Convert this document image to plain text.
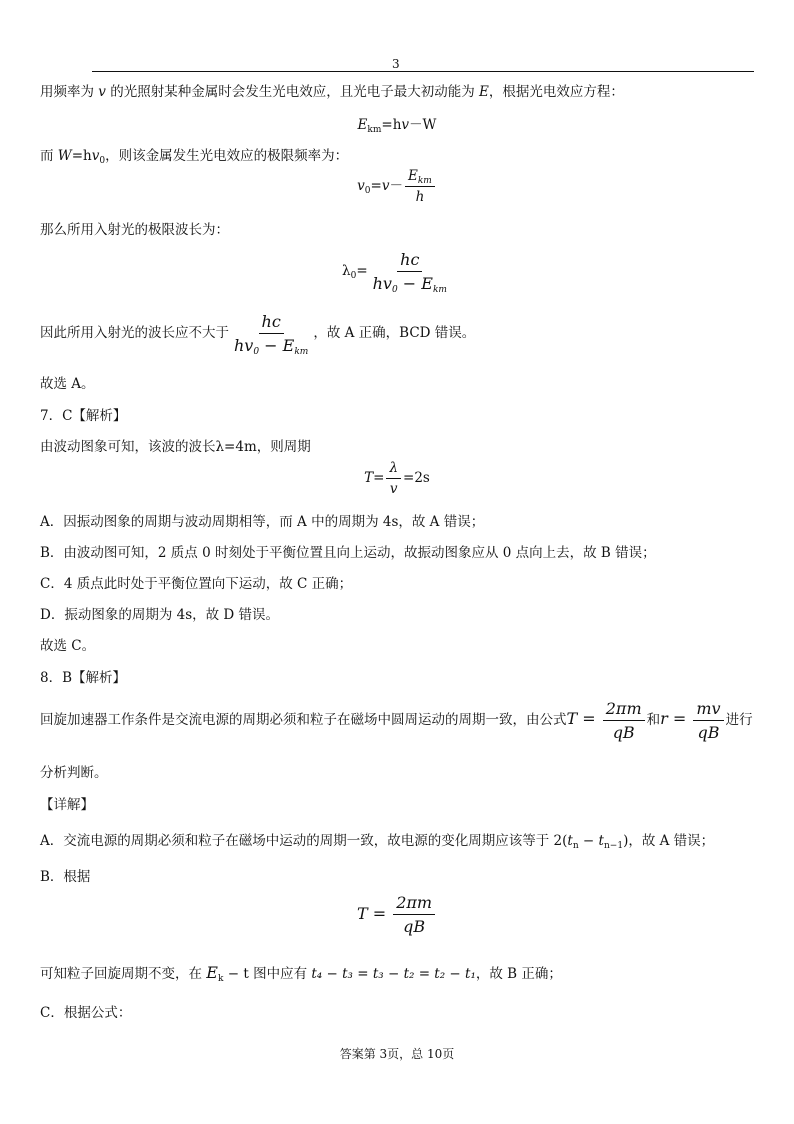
3
用频率为 v 的光照射某种金属时会发生光电效应，且光电子最大初动能为 E，根据光电效应方程：
$E_{km}=hv-W$
而 $W=hv_0$，则该金属发生光电效应的极限频率为：
$v_0=v- \frac{E_{km}}{h}$
那么所用入射光的极限波长为：
$\lambda_0= \frac{hc}{hv_0 - E_{km}}$
因此所用入射光的波长应不大于 $\frac{hc}{hv_0 - E_{km}}$ ，故 A 正确，BCD 错误。
故选 A。
7．C【解析】
由波动图象可知，该波的波长λ=4m，则周期
$T= \frac{\lambda}{v} =2s$
A．因振动图象的周期与波动周期相等，而 A 中的周期为 4s，故 A 错误；
B．由波动图可知，2 质点 0 时刻处于平衡位置且向上运动，故振动图象应从 0 点向上去，故 B 错误；
C．4 质点此时处于平衡位置向下运动，故 C 正确；
D．振动图象的周期为 4s，故 D 错误。
故选 C。
8．B【解析】
回旋加速器工作条件是交流电源的周期必须和粒子在磁场中圆周运动的周期一致，由公式$T = \frac{2\pi m}{qB}$ 和$r = \frac{mv}{qB}$ 进行
分析判断。
【详解】
A．交流电源的周期必须和粒子在磁场中运动的周期一致，故电源的变化周期应该等于 $2(t_n - t_{n-1})$，故 A 错误；
B．根据
$T = \frac{2\pi m}{qB}$
可知粒子回旋周期不变，在 $E_k - t$ 图中应有 t₄ − t₃ = t₃ − t₂ = t₂ − t₁，故 B 正确；
C．根据公式：
答案第 3页，总 10页
